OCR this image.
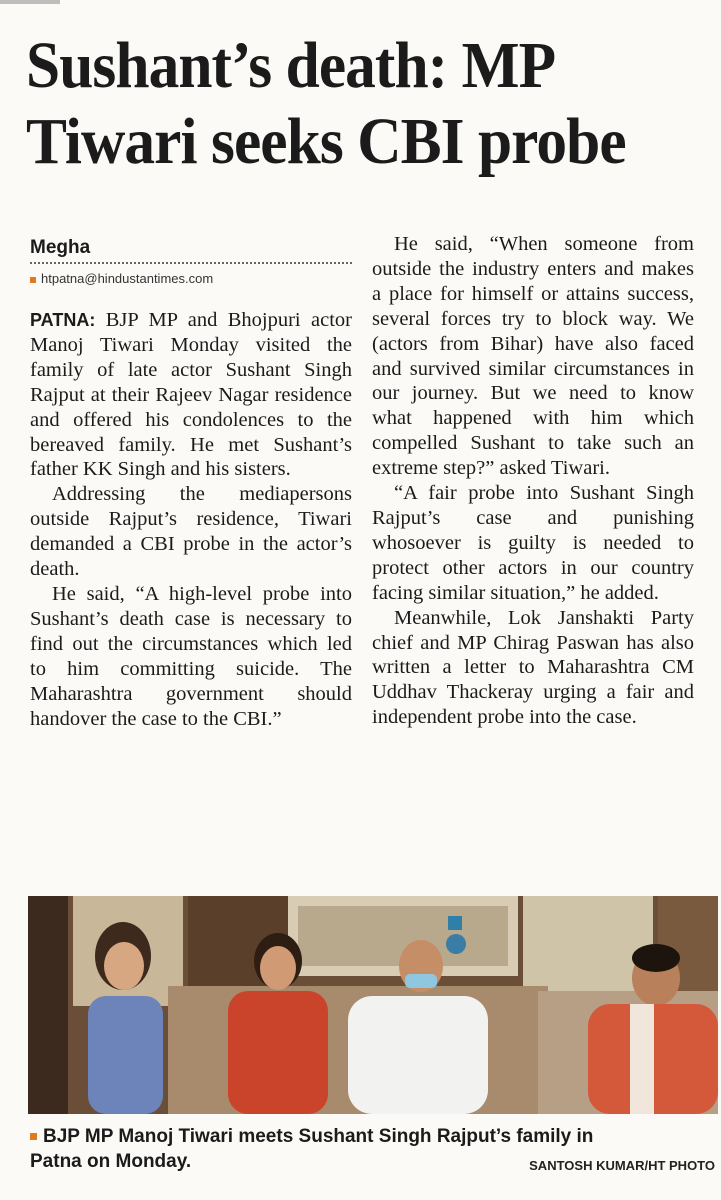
Sushant’s death: MP
Tiwari seeks CBI probe
Megha
htpatna@hindustantimes.com

PATNA: BJP MP and Bhojpuri actor Manoj Tiwari Monday visited the family of late actor Sushant Singh Rajput at their Rajeev Nagar residence and offered his condolences to the bereaved family. He met Sushant’s father KK Singh and his sisters.

Addressing the mediapersons outside Rajput’s residence, Tiwari demanded a CBI probe in the actor’s death.

He said, “A high-level probe into Sushant’s death case is necessary to find out the circumstances which led to him committing suicide. The Maharashtra government should handover the case to the CBI.”

He said, “When someone from outside the industry enters and makes a place for himself or attains success, several forces try to block way. We (actors from Bihar) have also faced and survived similar circumstances in our journey. But we need to know what happened with him which compelled Sushant to take such an extreme step?” asked Tiwari.

“A fair probe into Sushant Singh Rajput’s case and punishing whosoever is guilty is needed to protect other actors in our country facing similar situation,” he added.

Meanwhile, Lok Janshakti Party chief and MP Chirag Paswan has also written a letter to Maharashtra CM Uddhav Thackeray urging a fair and independent probe into the case.

BJP MP Manoj Tiwari meets Sushant Singh Rajput’s family in
Patna on Monday.	SANTOSH KUMAR/HT PHOTO
